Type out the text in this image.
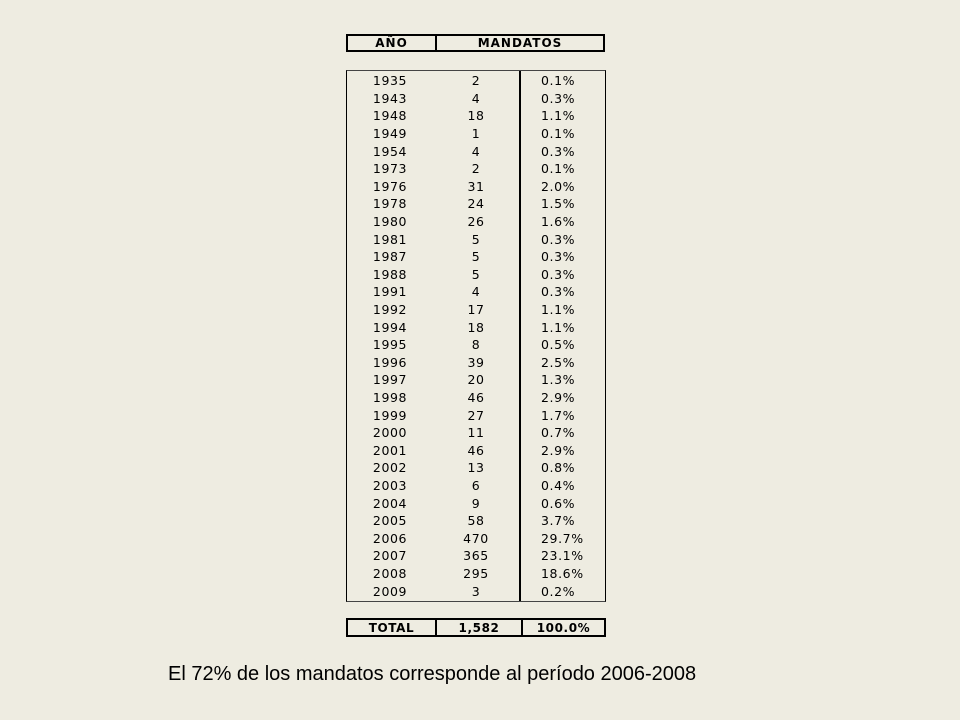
AÑO	MANDATOS
1935	2	0.1%
1943	4	0.3%
1948	18	1.1%
1949	1	0.1%
1954	4	0.3%
1973	2	0.1%
1976	31	2.0%
1978	24	1.5%
1980	26	1.6%
1981	5	0.3%
1987	5	0.3%
1988	5	0.3%
1991	4	0.3%
1992	17	1.1%
1994	18	1.1%
1995	8	0.5%
1996	39	2.5%
1997	20	1.3%
1998	46	2.9%
1999	27	1.7%
2000	11	0.7%
2001	46	2.9%
2002	13	0.8%
2003	6	0.4%
2004	9	0.6%
2005	58	3.7%
2006	470	29.7%
2007	365	23.1%
2008	295	18.6%
2009	3	0.2%
TOTAL	1,582	100.0%
El 72% de los mandatos corresponde al período 2006-2008
